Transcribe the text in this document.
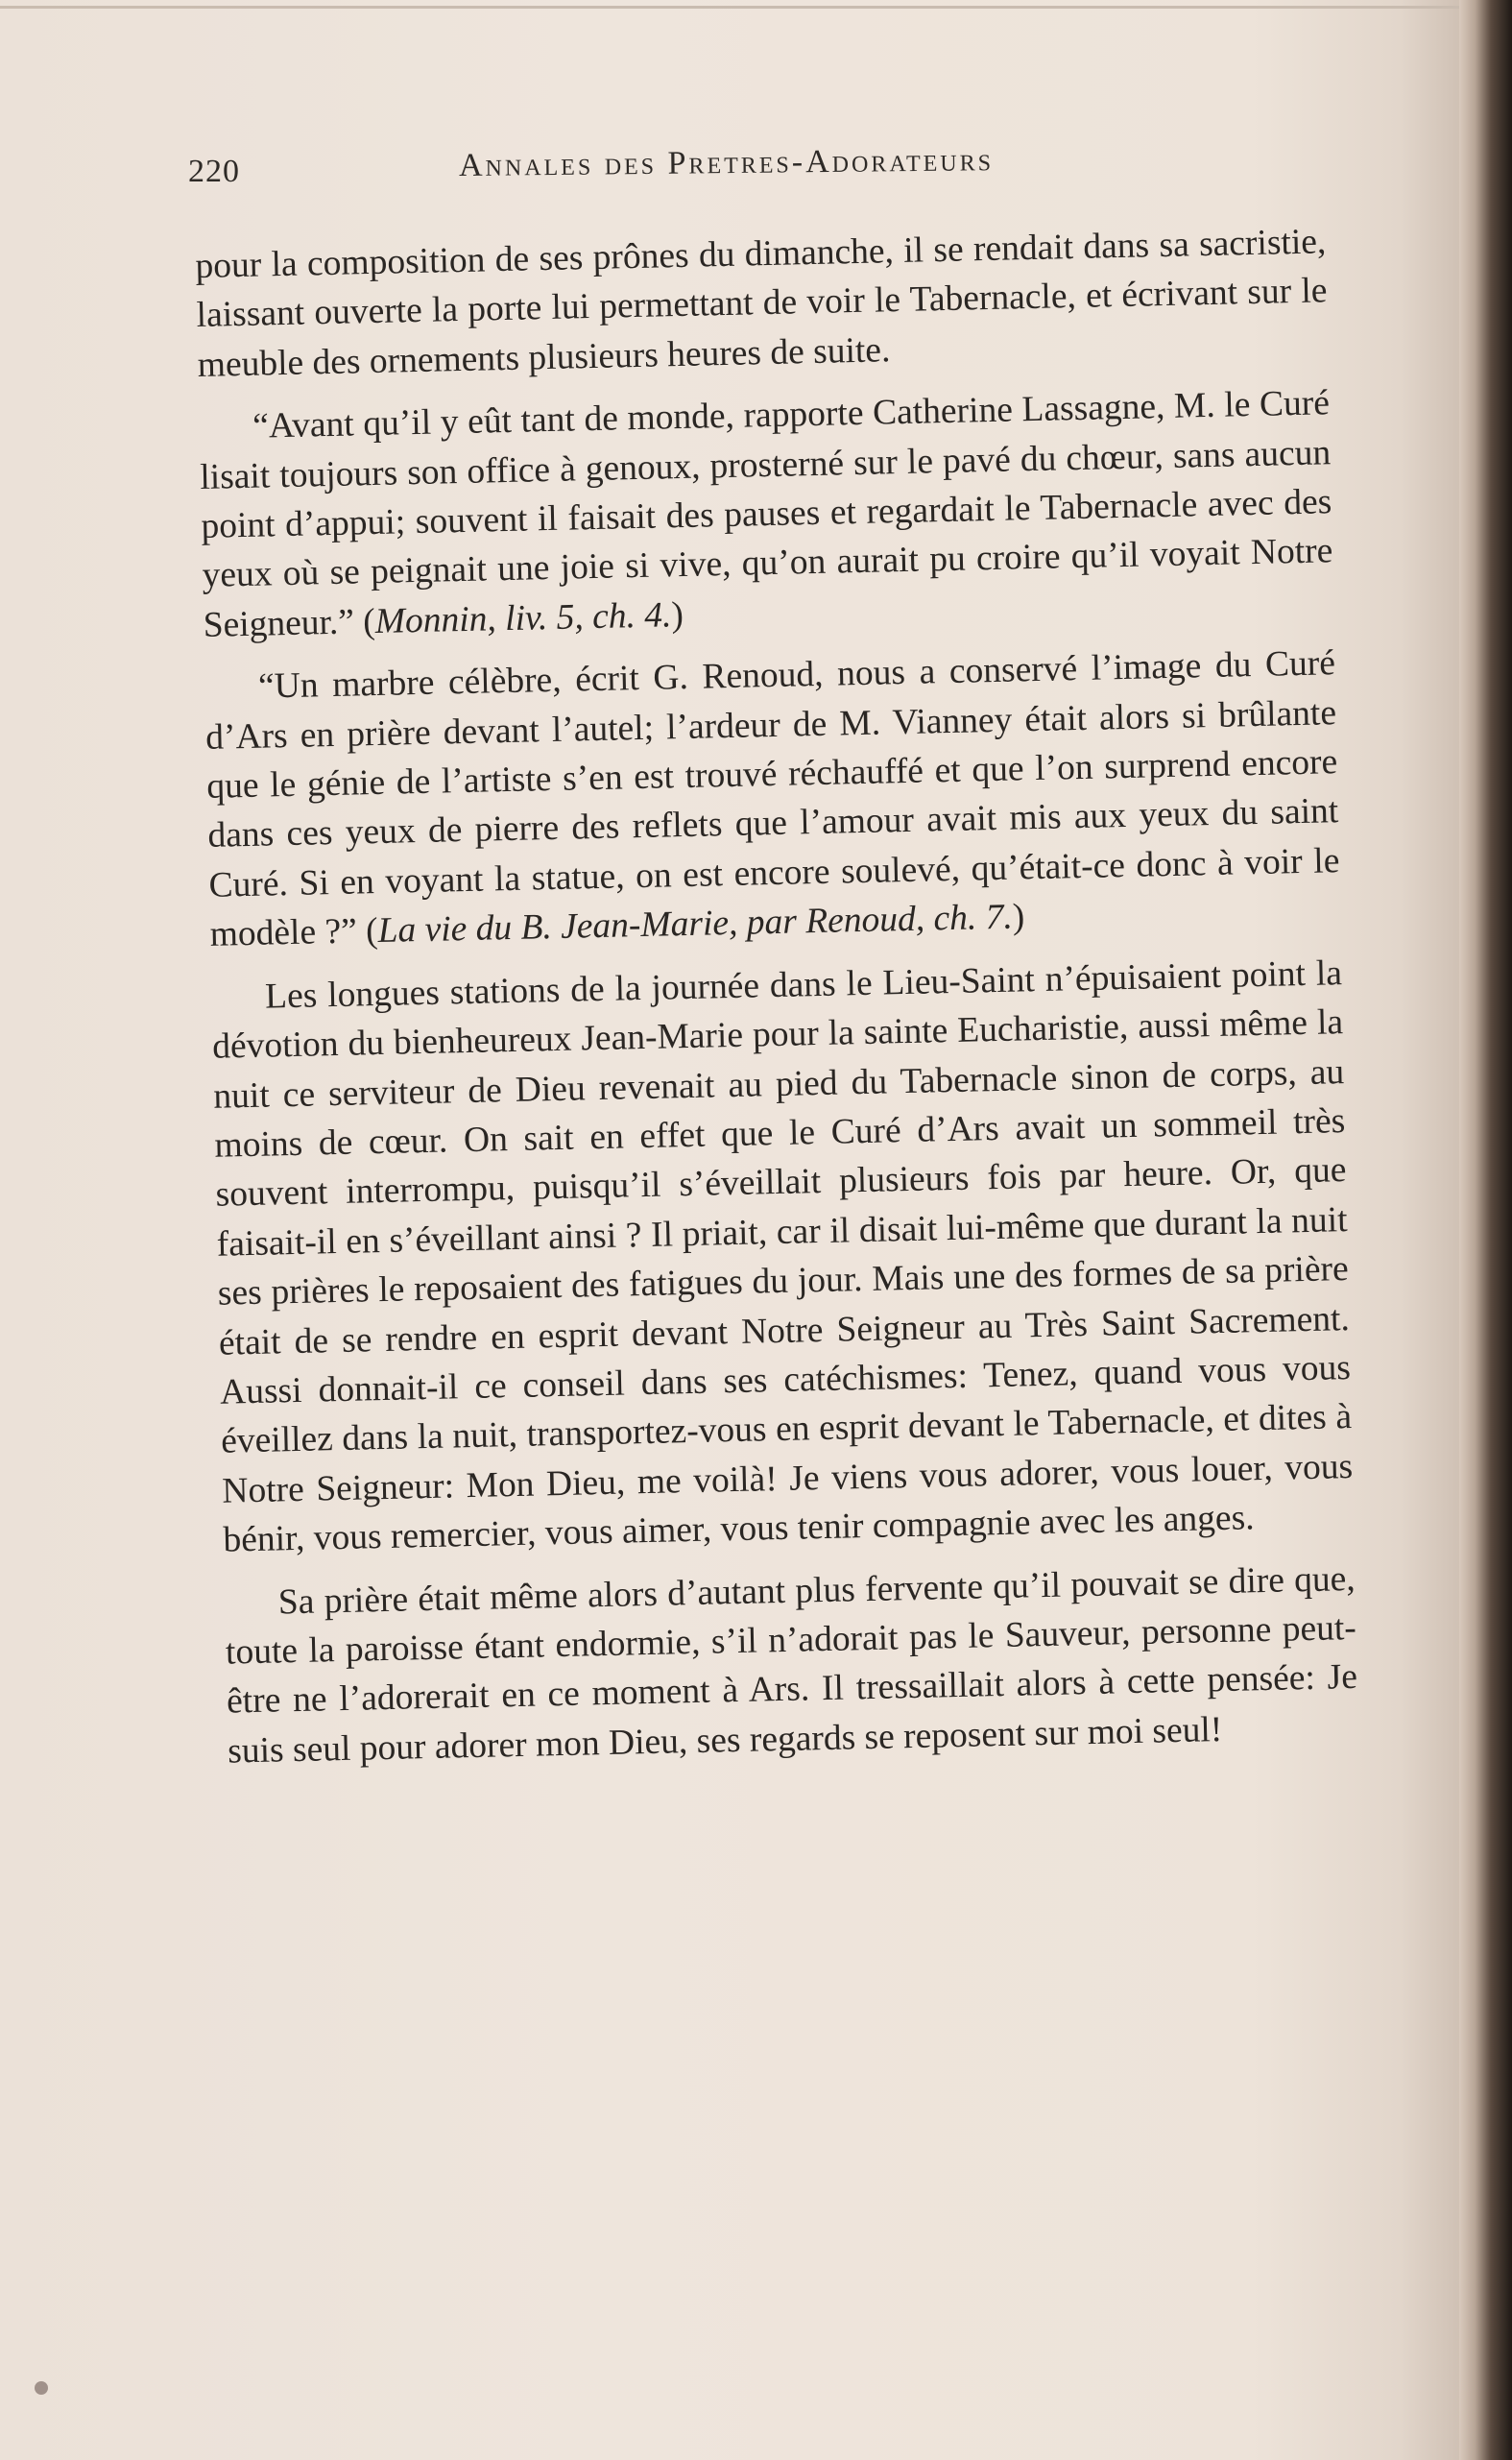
220	Annales des Pretres-Adorateurs

pour la composition de ses prônes du dimanche, il se rendait dans sa sacristie, laissant ouverte la porte lui permettant de voir le Tabernacle, et écrivant sur le meuble des ornements plusieurs heures de suite.

“Avant qu’il y eût tant de monde, rapporte Catherine Lassagne, M. le Curé lisait toujours son office à genoux, prosterné sur le pavé du chœur, sans aucun point d’appui; souvent il faisait des pauses et regardait le Tabernacle avec des yeux où se peignait une joie si vive, qu’on aurait pu croire qu’il voyait Notre Seigneur.” (Monnin, liv. 5, ch. 4.)

“Un marbre célèbre, écrit G. Renoud, nous a conservé l’image du Curé d’Ars en prière devant l’autel; l’ardeur de M. Vianney était alors si brûlante que le génie de l’artiste s’en est trouvé réchauffé et que l’on surprend encore dans ces yeux de pierre des reflets que l’amour avait mis aux yeux du saint Curé. Si en voyant la statue, on est encore soulevé, qu’était-ce donc à voir le modèle ?” (La vie du B. Jean-Marie, par Renoud, ch. 7.)

Les longues stations de la journée dans le Lieu-Saint n’épuisaient point la dévotion du bienheureux Jean-Marie pour la sainte Eucharistie, aussi même la nuit ce serviteur de Dieu revenait au pied du Tabernacle sinon de corps, au moins de cœur. On sait en effet que le Curé d’Ars avait un sommeil très souvent interrompu, puisqu’il s’éveillait plusieurs fois par heure. Or, que faisait-il en s’éveillant ainsi ? Il priait, car il disait lui-même que durant la nuit ses prières le reposaient des fatigues du jour. Mais une des formes de sa prière était de se rendre en esprit devant Notre Seigneur au Très Saint Sacrement. Aussi donnait-il ce conseil dans ses catéchismes: Tenez, quand vous vous éveillez dans la nuit, transportez-vous en esprit devant le Tabernacle, et dites à Notre Seigneur: Mon Dieu, me voilà! Je viens vous adorer, vous louer, vous bénir, vous remercier, vous aimer, vous tenir compagnie avec les anges.

Sa prière était même alors d’autant plus fervente qu’il pouvait se dire que, toute la paroisse étant endormie, s’il n’adorait pas le Sauveur, personne peut-être ne l’adorerait en ce moment à Ars. Il tressaillait alors à cette pensée: Je suis seul pour adorer mon Dieu, ses regards se reposent sur moi seul!
